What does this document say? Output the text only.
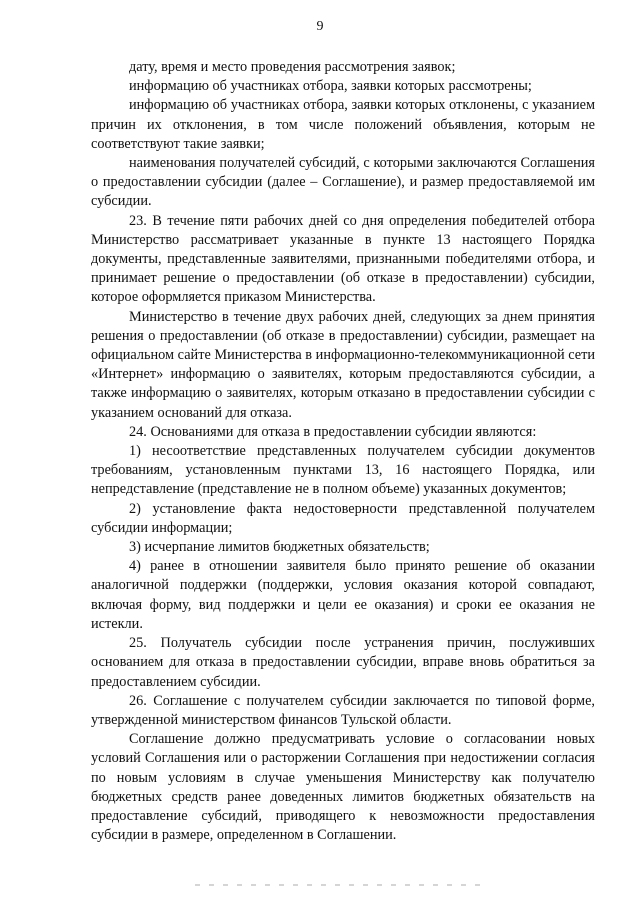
9

дату, время и место проведения рассмотрения заявок;

информацию об участниках отбора, заявки которых рассмотрены;

информацию об участниках отбора, заявки которых отклонены, с указанием причин их отклонения, в том числе положений объявления, которым не соответствуют такие заявки;

наименования получателей субсидий, с которыми заключаются Соглашения о предоставлении субсидии (далее – Соглашение), и размер предоставляемой им субсидии.

23. В течение пяти рабочих дней со дня определения победителей отбора Министерство рассматривает указанные в пункте 13 настоящего Порядка документы, представленные заявителями, признанными победителями отбора, и принимает решение о предоставлении (об отказе в предоставлении) субсидии, которое оформляется приказом Министерства.

Министерство в течение двух рабочих дней, следующих за днем принятия решения о предоставлении (об отказе в предоставлении) субсидии, размещает на официальном сайте Министерства в информационно-телекоммуникационной сети «Интернет» информацию о заявителях, которым предоставляются субсидии, а также информацию о заявителях, которым отказано в предоставлении субсидии с указанием оснований для отказа.

24. Основаниями для отказа в предоставлении субсидии являются:

1) несоответствие представленных получателем субсидии документов требованиям, установленным пунктами 13, 16 настоящего Порядка, или непредставление (представление не в полном объеме) указанных документов;

2) установление факта недостоверности представленной получателем субсидии информации;

3) исчерпание лимитов бюджетных обязательств;

4) ранее в отношении заявителя было принято решение об оказании аналогичной поддержки (поддержки, условия оказания которой совпадают, включая форму, вид поддержки и цели ее оказания) и сроки ее оказания не истекли.

25. Получатель субсидии после устранения причин, послуживших основанием для отказа в предоставлении субсидии, вправе вновь обратиться за предоставлением субсидии.

26. Соглашение с получателем субсидии заключается по типовой форме, утвержденной министерством финансов Тульской области.

Соглашение должно предусматривать условие о согласовании новых условий Соглашения или о расторжении Соглашения при недостижении согласия по новым условиям в случае уменьшения Министерству как получателю бюджетных средств ранее доведенных лимитов бюджетных обязательств на предоставление субсидий, приводящего к невозможности предоставления субсидии в размере, определенном в Соглашении.
